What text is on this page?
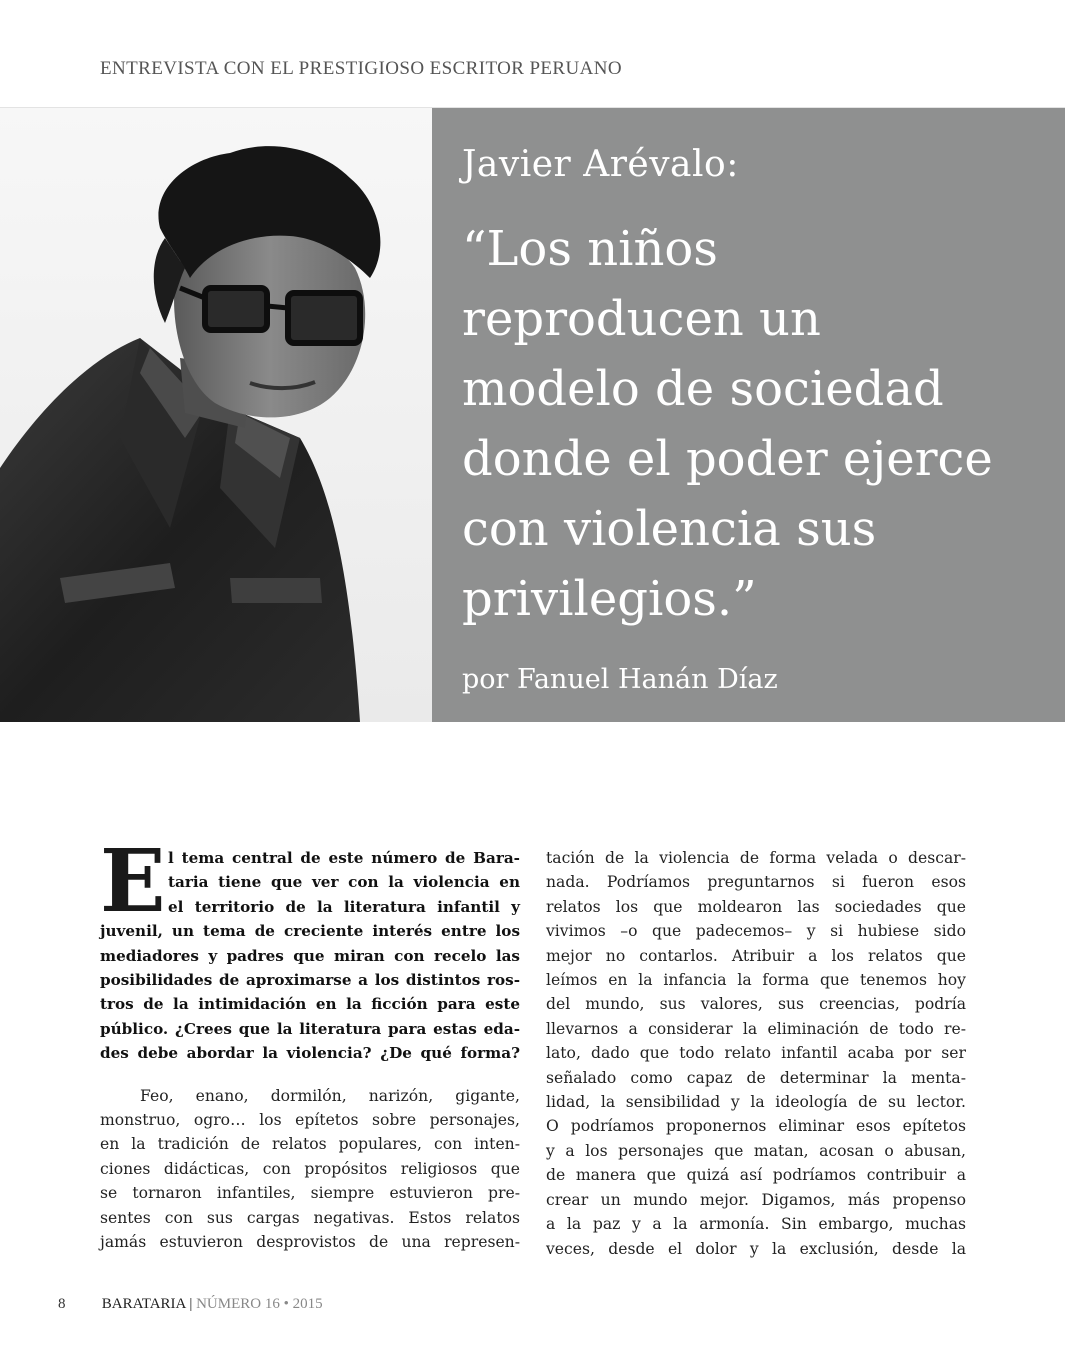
ENTREVISTA CON EL PRESTIGIOSO ESCRITOR PERUANO
Javier Arévalo:
“Los niños
reproducen un
modelo de sociedad
donde el poder ejerce
con violencia sus
privilegios.”
por Fanuel Hanán Díaz
E l tema central de este número de Bara-
taria tiene que ver con la violencia en
el territorio de la literatura infantil y
juvenil, un tema de creciente interés entre los
mediadores y padres que miran con recelo las
posibilidades de aproximarse a los distintos ros-
tros de la intimidación en la ficción para este
público. ¿Crees que la literatura para estas eda-
des debe abordar la violencia? ¿De qué forma?
Feo, enano, dormilón, narizón, gigante,
monstruo, ogro… los epítetos sobre personajes,
en la tradición de relatos populares, con inten-
ciones didácticas, con propósitos religiosos que
se tornaron infantiles, siempre estuvieron pre-
sentes con sus cargas negativas. Estos relatos
jamás estuvieron desprovistos de una represen-
tación de la violencia de forma velada o descar-
nada. Podríamos preguntarnos si fueron esos
relatos los que moldearon las sociedades que
vivimos –o que padecemos– y si hubiese sido
mejor no contarlos. Atribuir a los relatos que
leímos en la infancia la forma que tenemos hoy
del mundo, sus valores, sus creencias, podría
llevarnos a considerar la eliminación de todo re-
lato, dado que todo relato infantil acaba por ser
señalado como capaz de determinar la menta-
lidad, la sensibilidad y la ideología de su lector.
O podríamos proponernos eliminar esos epítetos
y a los personajes que matan, acosan o abusan,
de manera que quizá así podríamos contribuir a
crear un mundo mejor. Digamos, más propenso
a la paz y a la armonía. Sin embargo, muchas
veces, desde el dolor y la exclusión, desde la
8 BARATARIA | NÚMERO 16 • 2015
